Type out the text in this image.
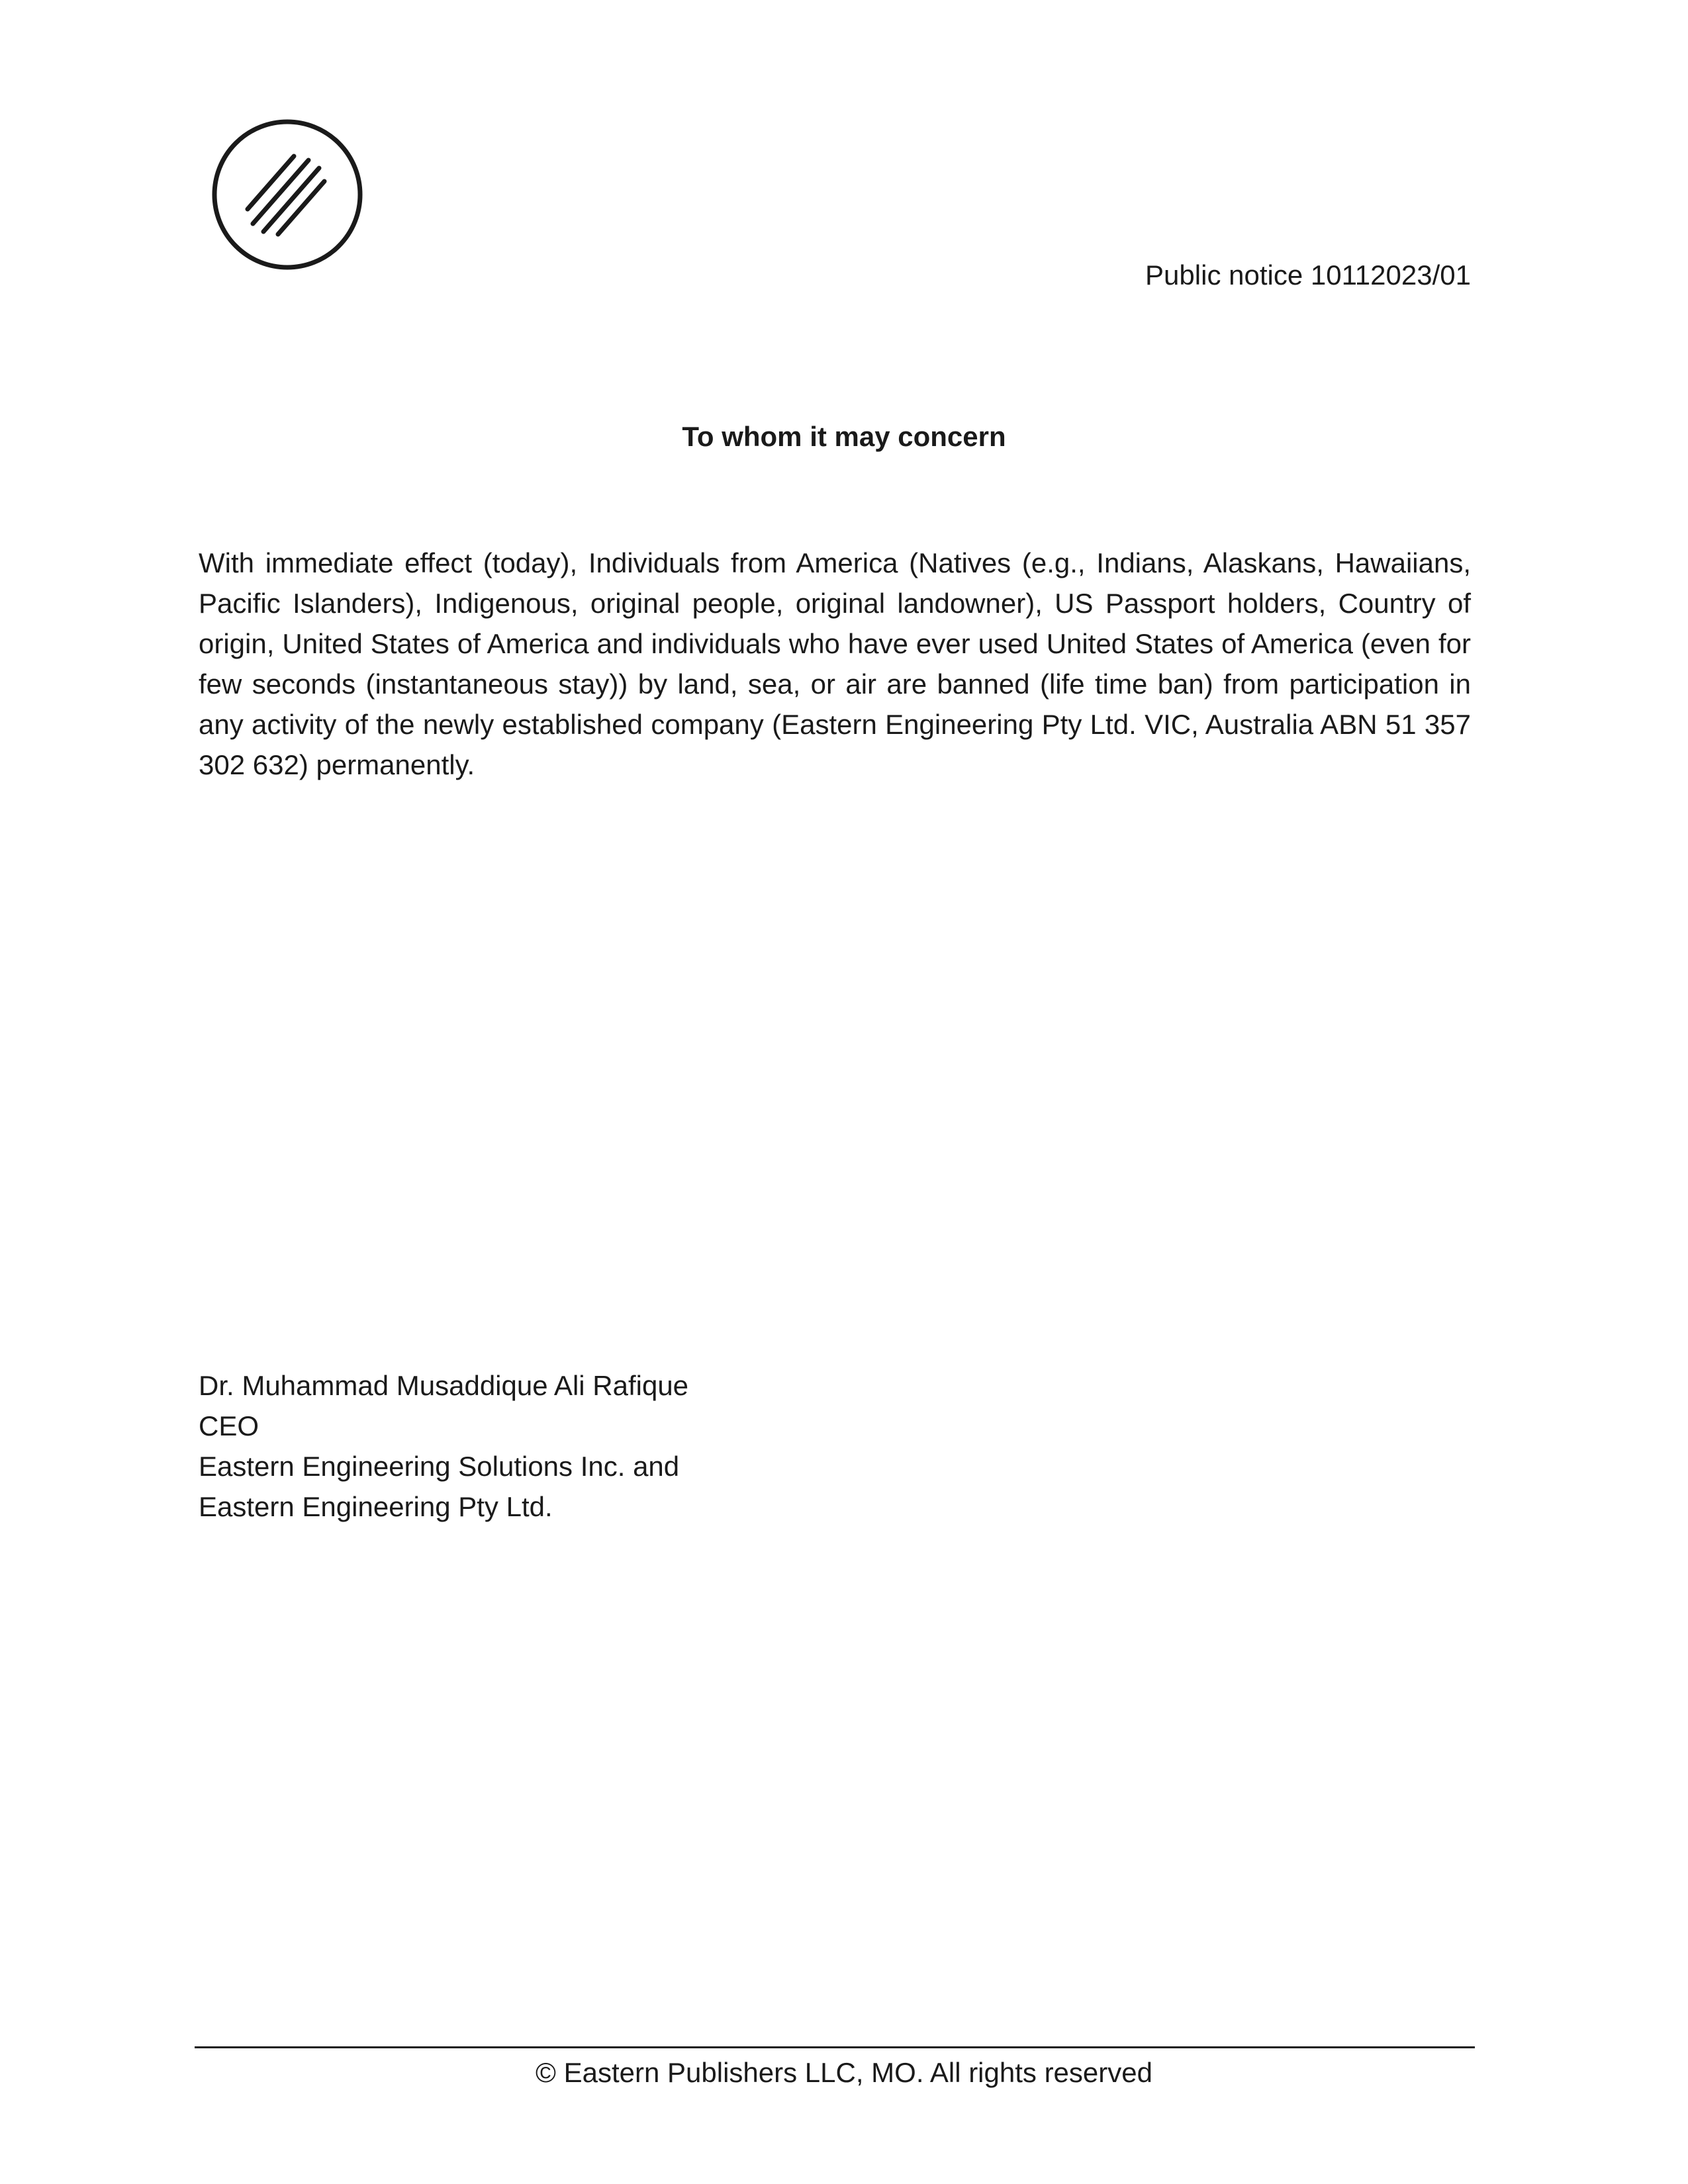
Public notice 10112023/01
To whom it may concern

With immediate effect (today), Individuals from America (Natives (e.g., Indians, Alaskans, Hawaiians, Pacific Islanders), Indigenous, original people, original landowner), US Passport holders, Country of origin, United States of America and individuals who have ever used United States of America (even for few seconds (instantaneous stay)) by land, sea, or air are banned (life time ban) from participation in any activity of the newly established company (Eastern Engineering Pty Ltd. VIC, Australia ABN 51 357 302 632) permanently.

Dr. Muhammad Musaddique Ali Rafique
CEO
Eastern Engineering Solutions Inc. and
Eastern Engineering Pty Ltd.
© Eastern Publishers LLC, MO. All rights reserved
